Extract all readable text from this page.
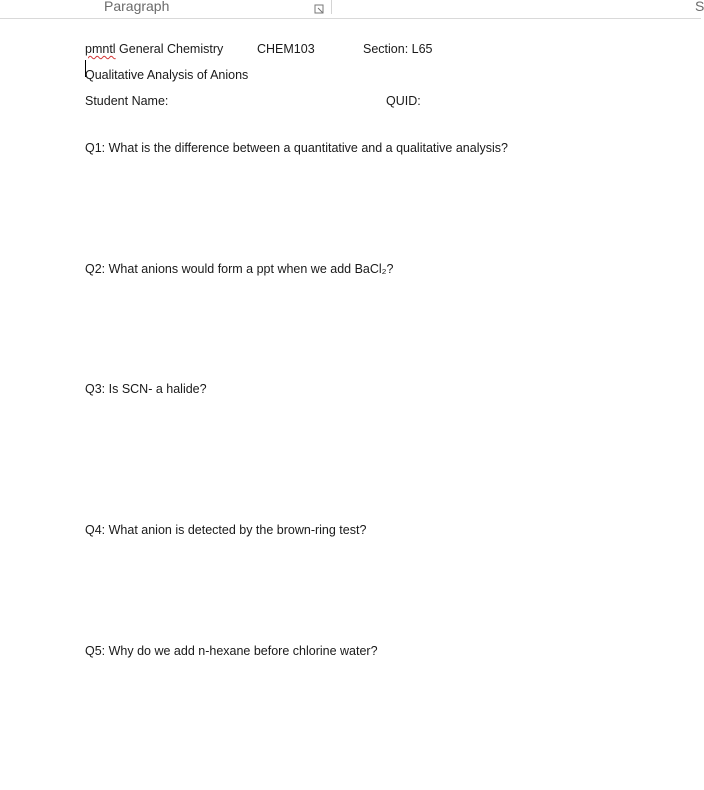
Paragraph	S
pmntl General Chemistry	CHEM103	Section: L65
Qualitative Analysis of Anions
Student Name:	QUID:
Q1: What is the difference between a quantitative and a qualitative analysis?
Q2: What anions would form a ppt when we add BaCl₂?
Q3: Is SCN- a halide?
Q4: What anion is detected by the brown-ring test?
Q5: Why do we add n-hexane before chlorine water?
